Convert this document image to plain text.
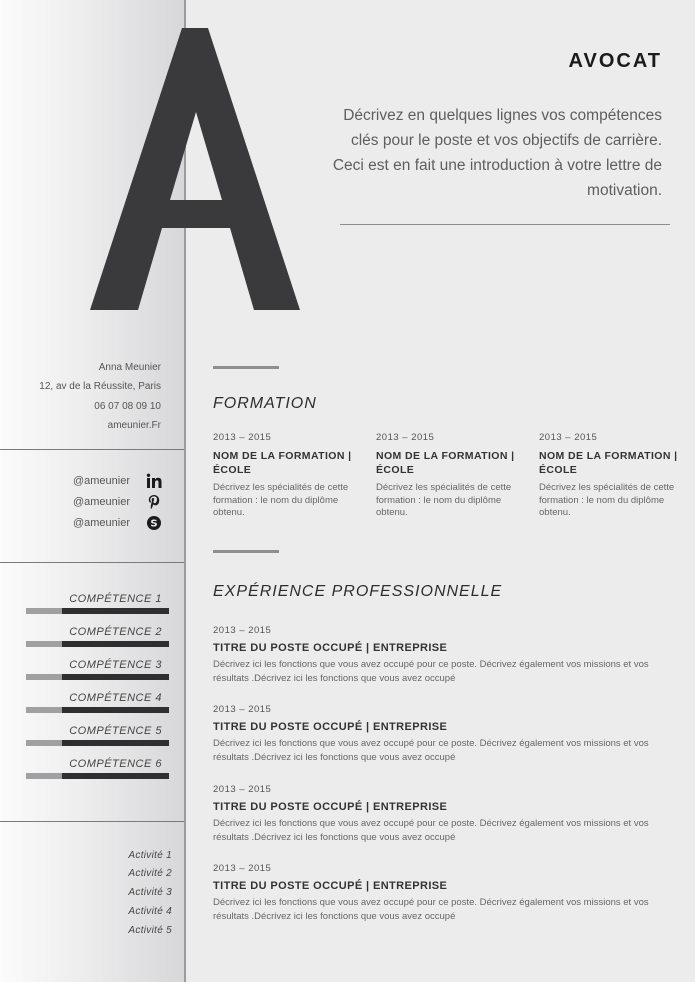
AVOCAT
Décrivez en quelques lignes vos compétences clés pour le poste et vos objectifs de carrière. Ceci est en fait une introduction à votre lettre de motivation.
Anna Meunier
12, av de la Réussite, Paris
06 07 08 09 10
ameunier.Fr
@ameunier
@ameunier
@ameunier S
COMPÉTENCE 1
COMPÉTENCE 2
COMPÉTENCE 3
COMPÉTENCE 4
COMPÉTENCE 5
COMPÉTENCE 6
Activité 1
Activité 2
Activité 3
Activité 4
Activité 5
FORMATION
2013 – 2015
NOM DE LA FORMATION | ÉCOLE
Décrivez les spécialités de cette formation : le nom du diplôme obtenu.
2013 – 2015
NOM DE LA FORMATION | ÉCOLE
Décrivez les spécialités de cette formation : le nom du diplôme obtenu.
2013 – 2015
NOM DE LA FORMATION | ÉCOLE
Décrivez les spécialités de cette formation : le nom du diplôme obtenu.
EXPÉRIENCE PROFESSIONNELLE
2013 – 2015
TITRE DU POSTE OCCUPÉ | ENTREPRISE
Décrivez ici les fonctions que vous avez occupé pour ce poste. Décrivez également vos missions et vos résultats .Décrivez ici les fonctions que vous avez occupé
2013 – 2015
TITRE DU POSTE OCCUPÉ | ENTREPRISE
Décrivez ici les fonctions que vous avez occupé pour ce poste. Décrivez également vos missions et vos résultats .Décrivez ici les fonctions que vous avez occupé
2013 – 2015
TITRE DU POSTE OCCUPÉ | ENTREPRISE
Décrivez ici les fonctions que vous avez occupé pour ce poste. Décrivez également vos missions et vos résultats .Décrivez ici les fonctions que vous avez occupé
2013 – 2015
TITRE DU POSTE OCCUPÉ | ENTREPRISE
Décrivez ici les fonctions que vous avez occupé pour ce poste. Décrivez également vos missions et vos résultats .Décrivez ici les fonctions que vous avez occupé
